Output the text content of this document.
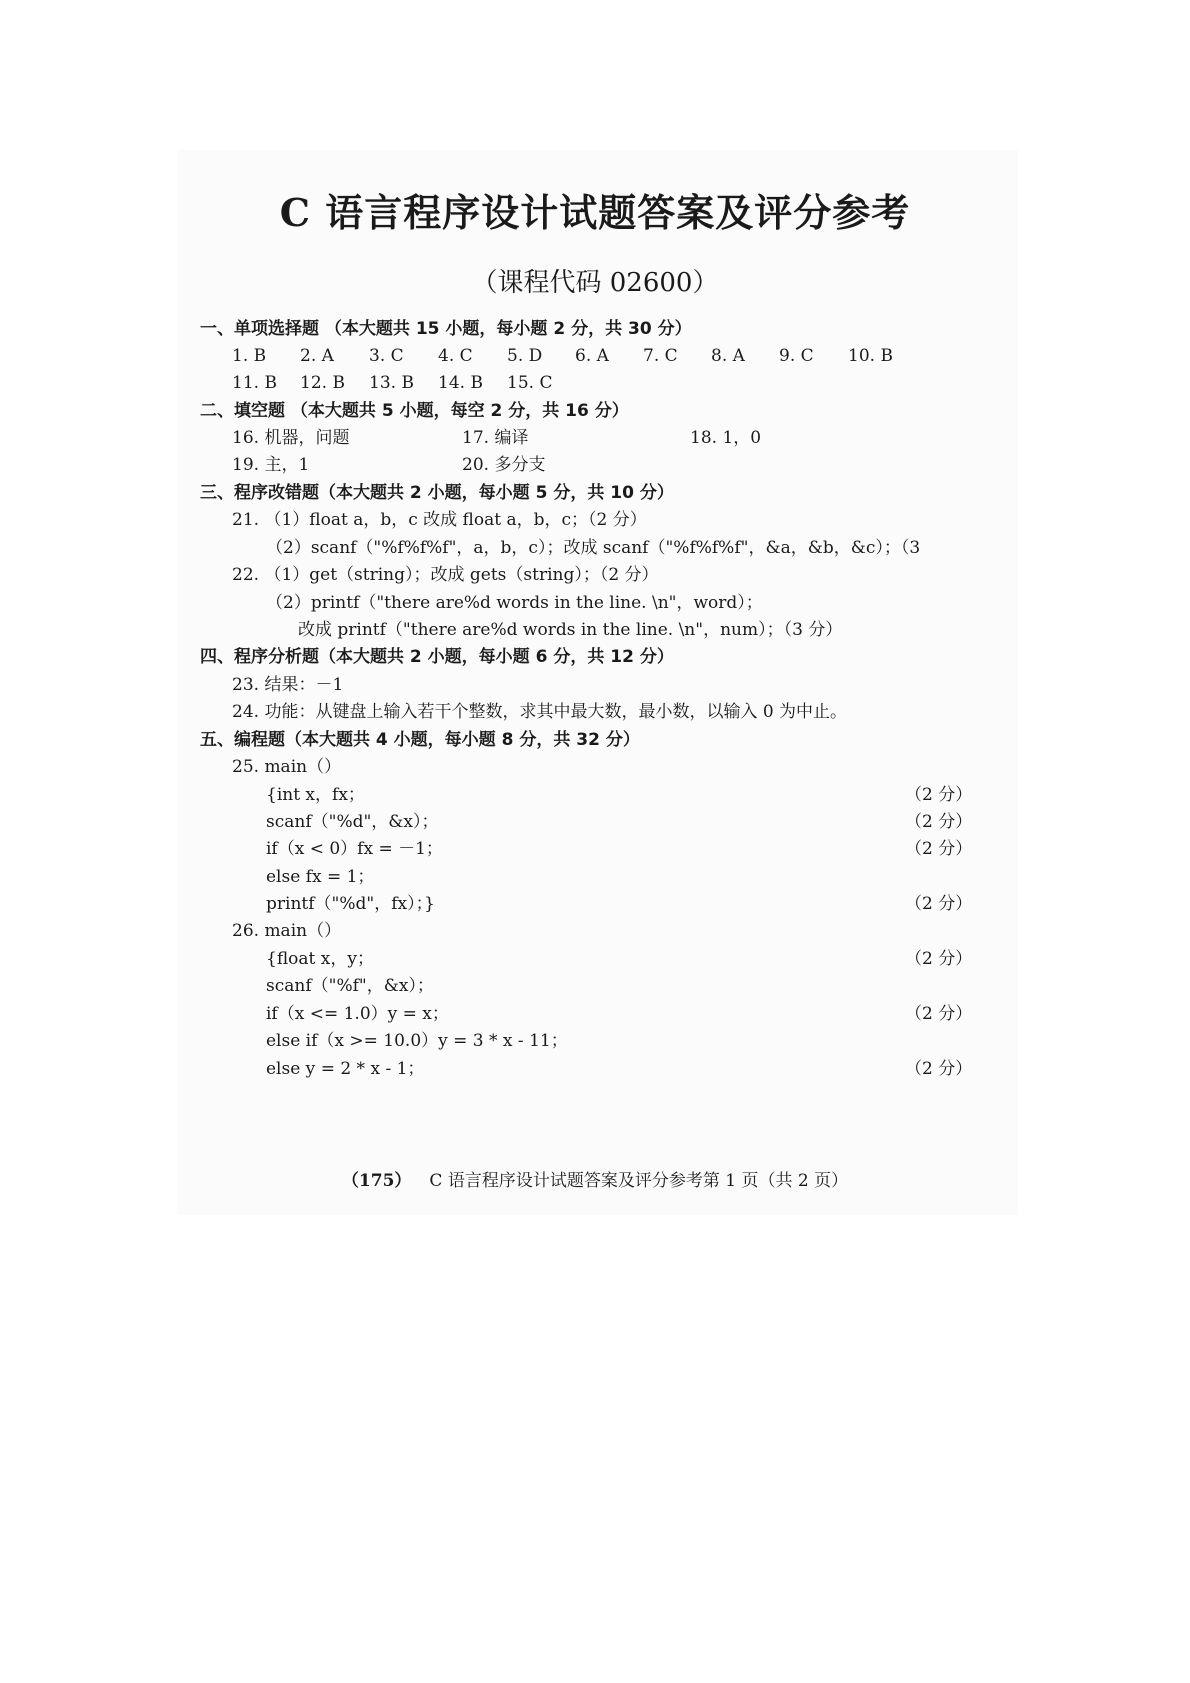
C 语言程序设计试题答案及评分参考
（课程代码 02600）
一、单项选择题 （本大题共 15 小题，每小题 2 分，共 30 分）
1. B 2. A 3. C 4. C 5. D 6. A 7. C 8. A 9. C 10. B
11. B 12. B 13. B 14. B 15. C
二、填空题 （本大题共 5 小题，每空 2 分，共 16 分）
16. 机器，问题	17. 编译	18. 1，0
19. 主，1	20. 多分支
三、程序改错题（本大题共 2 小题，每小题 5 分，共 10 分）
21. （1）float a，b，c 改成 float a，b，c；（2 分）
（2）scanf（"%f%f%f"，a，b，c）；改成 scanf（"%f%f%f"，&a，&b，&c）；（3
22. （1）get（string）；改成 gets（string）；（2 分）
（2）printf（"there are%d words in the line. \n"，word）；
改成 printf（"there are%d words in the line. \n"，num）；（3 分）
四、程序分析题（本大题共 2 小题，每小题 6 分，共 12 分）
23. 结果：－1
24. 功能：从键盘上输入若干个整数，求其中最大数，最小数，以输入 0 为中止。
五、编程题（本大题共 4 小题，每小题 8 分，共 32 分）
25. main（）
{int x，fx；	（2 分）
scanf（"%d"，&x）；	（2 分）
if（x < 0）fx = －1；	（2 分）
else fx = 1；
printf（"%d"，fx）；}	（2 分）
26. main（）
{float x，y；	（2 分）
scanf（"%f"，&x）；
if（x <= 1.0）y = x；	（2 分）
else if（x >= 10.0）y = 3 * x - 11；
else y = 2 * x - 1；	（2 分）
（175） C 语言程序设计试题答案及评分参考第 1 页（共 2 页）
